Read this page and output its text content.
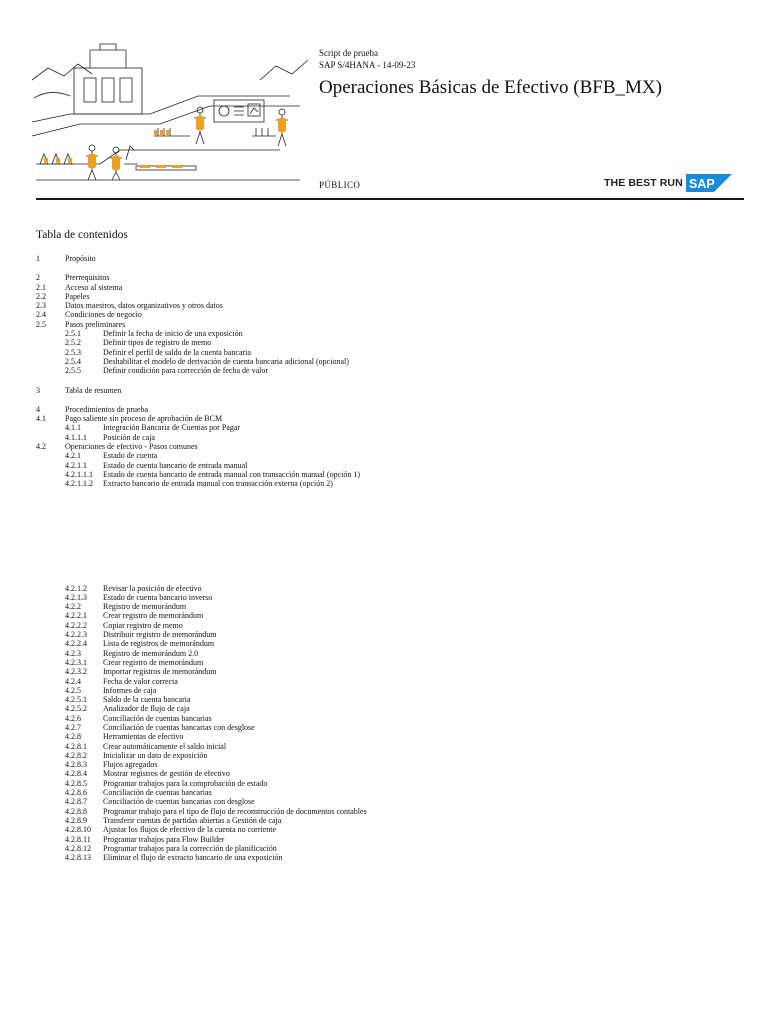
Script de prueba
SAP S/4HANA - 14-09-23
Operaciones Básicas de Efectivo (BFB_MX)
PÚBLICO	THE BEST RUN SAP
Tabla de contenidos
1	Propósito
2	Prerrequisitos
2.1 Acceso al sistema
2.2 Papeles
2.3 Datos maestros, datos organizativos y otros datos
2.4 Condiciones de negocio
2.5 Pasos preliminares
2.5.1	Definir la fecha de inicio de una exposición
2.5.2	Definir tipos de registro de memo
2.5.3	Definir el perfil de saldo de la cuenta bancaria
2.5.4	Deshabilitar el modelo de derivación de cuenta bancaria adicional (opcional)
2.5.5	Definir condición para corrección de fecha de valor
3	Tabla de resumen
4	Procedimientos de prueba
4.1 Pago saliente sin proceso de aprobación de BCM
4.1.1	Integración Bancaria de Cuentas por Pagar
4.1.1.1 Posición de caja
4.2 Operaciones de efectivo - Pasos comunes
4.2.1	Estado de cuenta
4.2.1.1 Estado de cuenta bancario de entrada manual
4.2.1.1.1 Estado de cuenta bancario de entrada manual con transacción manual (opción 1)
4.2.1.1.2 Extracto bancario de entrada manual con transacción externa (opción 2)
4.2.1.2 Revisar la posición de efectivo
4.2.1.3 Estado de cuenta bancario inverso
4.2.2	Registro de memorándum
4.2.2.1 Crear registro de memorándum
4.2.2.2 Copiar registro de memo
4.2.2.3 Distribuir registro de memorándum
4.2.2.4 Lista de registros de memorándum
4.2.3	Registro de memorándum 2.0
4.2.3.1 Crear registro de memorándum
4.2.3.2 Importar registros de memorándum
4.2.4	Fecha de valor correcta
4.2.5	Informes de caja
4.2.5.1 Saldo de la cuenta bancaria
4.2.5.2 Analizador de flujo de caja
4.2.6	Conciliación de cuentas bancarias
4.2.7	Conciliación de cuentas bancarias con desglose
4.2.8	Herramientas de efectivo
4.2.8.1 Crear automáticamente el saldo inicial
4.2.8.2 Inicializar un dato de exposición
4.2.8.3 Flujos agregados
4.2.8.4 Mostrar registros de gestión de efectivo
4.2.8.5 Programar trabajos para la comprobación de estado
4.2.8.6 Conciliación de cuentas bancarias
4.2.8.7 Conciliación de cuentas bancarias con desglose
4.2.8.8 Programar trabajo para el tipo de flujo de reconstrucción de documentos contables
4.2.8.9 Transferir cuentas de partidas abiertas a Gestión de caja
4.2.8.10 Ajustar los flujos de efectivo de la cuenta no corriente
4.2.8.11 Programar trabajos para Flow Builder
4.2.8.12 Programar trabajos para la corrección de planificación
4.2.8.13 Eliminar el flujo de extracto bancario de una exposición
